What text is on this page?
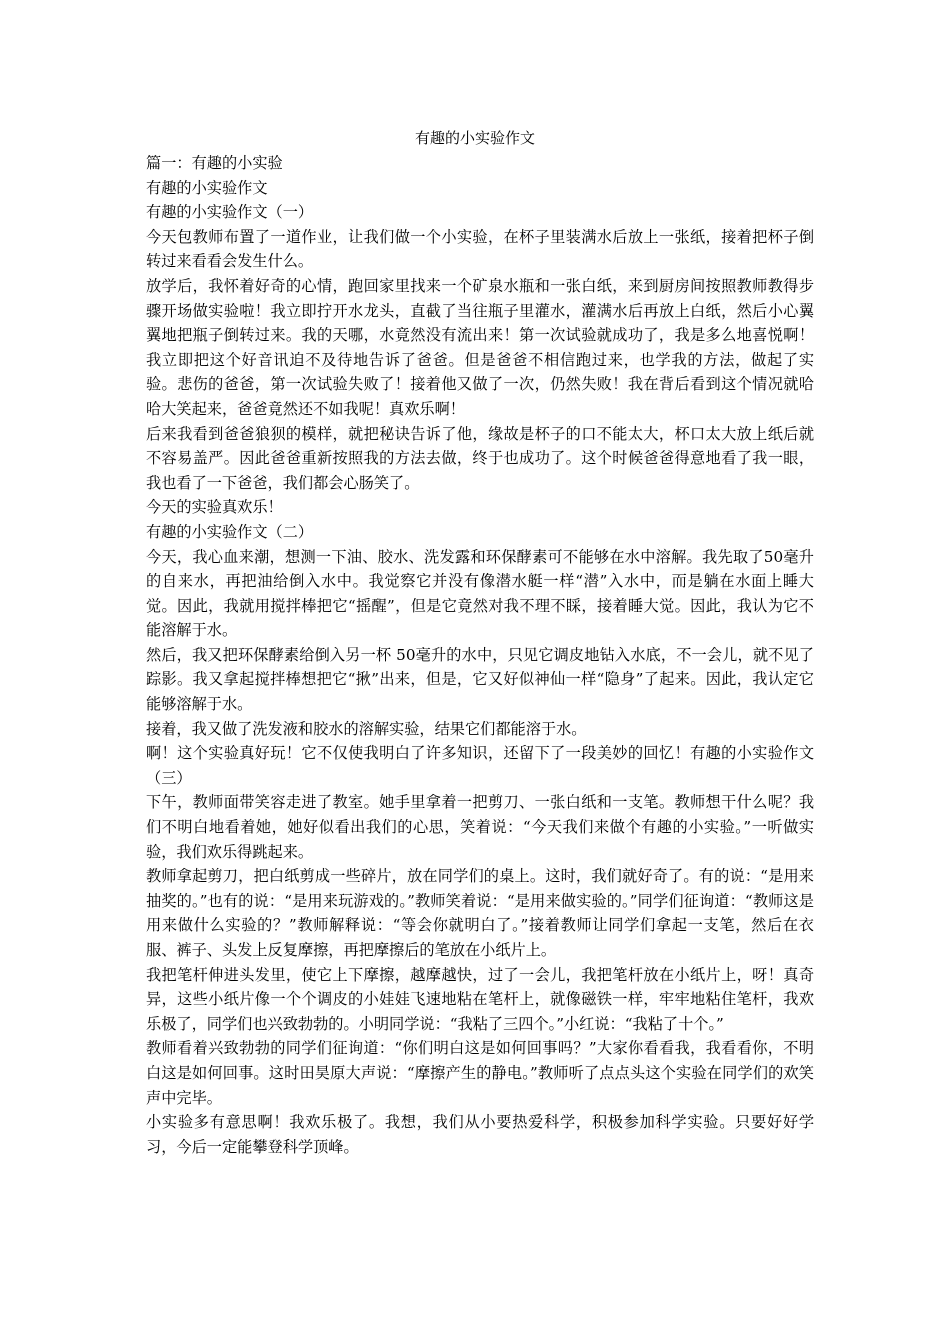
有趣的小实验作文

篇一：有趣的小实验

有趣的小实验作文

有趣的小实验作文（一）

今天包教师布置了一道作业，让我们做一个小实验，在杯子里装满水后放上一张纸，接着把杯子倒转过来看看会发生什么。

放学后，我怀着好奇的心情，跑回家里找来一个矿泉水瓶和一张白纸，来到厨房间按照教师教得步骤开场做实验啦！我立即拧开水龙头，直截了当往瓶子里灌水，灌满水后再放上白纸，然后小心翼翼地把瓶子倒转过来。我的天哪，水竟然没有流出来！第一次试验就成功了，我是多么地喜悦啊！我立即把这个好音讯迫不及待地告诉了爸爸。但是爸爸不相信跑过来，也学我的方法，做起了实验。悲伤的爸爸，第一次试验失败了！接着他又做了一次，仍然失败！我在背后看到这个情况就哈哈大笑起来，爸爸竟然还不如我呢！真欢乐啊！

后来我看到爸爸狼狈的模样，就把秘诀告诉了他，缘故是杯子的口不能太大，杯口太大放上纸后就不容易盖严。因此爸爸重新按照我的方法去做，终于也成功了。这个时候爸爸得意地看了我一眼，我也看了一下爸爸，我们都会心肠笑了。

今天的实验真欢乐！

有趣的小实验作文（二）

今天，我心血来潮，想测一下油、胶水、洗发露和环保酵素可不能够在水中溶解。我先取了50毫升的自来水，再把油给倒入水中。我觉察它并没有像潜水艇一样“潜”入水中，而是躺在水面上睡大觉。因此，我就用搅拌棒把它“摇醒”，但是它竟然对我不理不睬，接着睡大觉。因此，我认为它不能溶解于水。

然后，我又把环保酵素给倒入另一杯 50毫升的水中，只见它调皮地钻入水底，不一会儿，就不见了踪影。我又拿起搅拌棒想把它“揪”出来，但是，它又好似神仙一样“隐身”了起来。因此，我认定它能够溶解于水。

接着，我又做了洗发液和胶水的溶解实验，结果它们都能溶于水。

啊！这个实验真好玩！它不仅使我明白了许多知识，还留下了一段美妙的回忆！有趣的小实验作文（三）

下午，教师面带笑容走进了教室。她手里拿着一把剪刀、一张白纸和一支笔。教师想干什么呢？我们不明白地看着她，她好似看出我们的心思，笑着说：“今天我们来做个有趣的小实验。”一听做实验，我们欢乐得跳起来。

教师拿起剪刀，把白纸剪成一些碎片，放在同学们的桌上。这时，我们就好奇了。有的说：“是用来抽奖的。”也有的说：“是用来玩游戏的。”教师笑着说：“是用来做实验的。”同学们征询道：“教师这是用来做什么实验的？”教师解释说：“等会你就明白了。”接着教师让同学们拿起一支笔，然后在衣服、裤子、头发上反复摩擦，再把摩擦后的笔放在小纸片上。

我把笔杆伸进头发里，使它上下摩擦，越摩越快，过了一会儿，我把笔杆放在小纸片上，呀！真奇异，这些小纸片像一个个调皮的小娃娃飞速地粘在笔杆上，就像磁铁一样，牢牢地粘住笔杆，我欢乐极了，同学们也兴致勃勃的。小明同学说：“我粘了三四个。”小红说：“我粘了十个。”

教师看着兴致勃勃的同学们征询道：“你们明白这是如何回事吗？”大家你看看我，我看看你，不明白这是如何回事。这时田昊原大声说：“摩擦产生的静电。”教师听了点点头这个实验在同学们的欢笑声中完毕。

小实验多有意思啊！我欢乐极了。我想，我们从小要热爱科学，积极参加科学实验。只要好好学习，今后一定能攀登科学顶峰。
